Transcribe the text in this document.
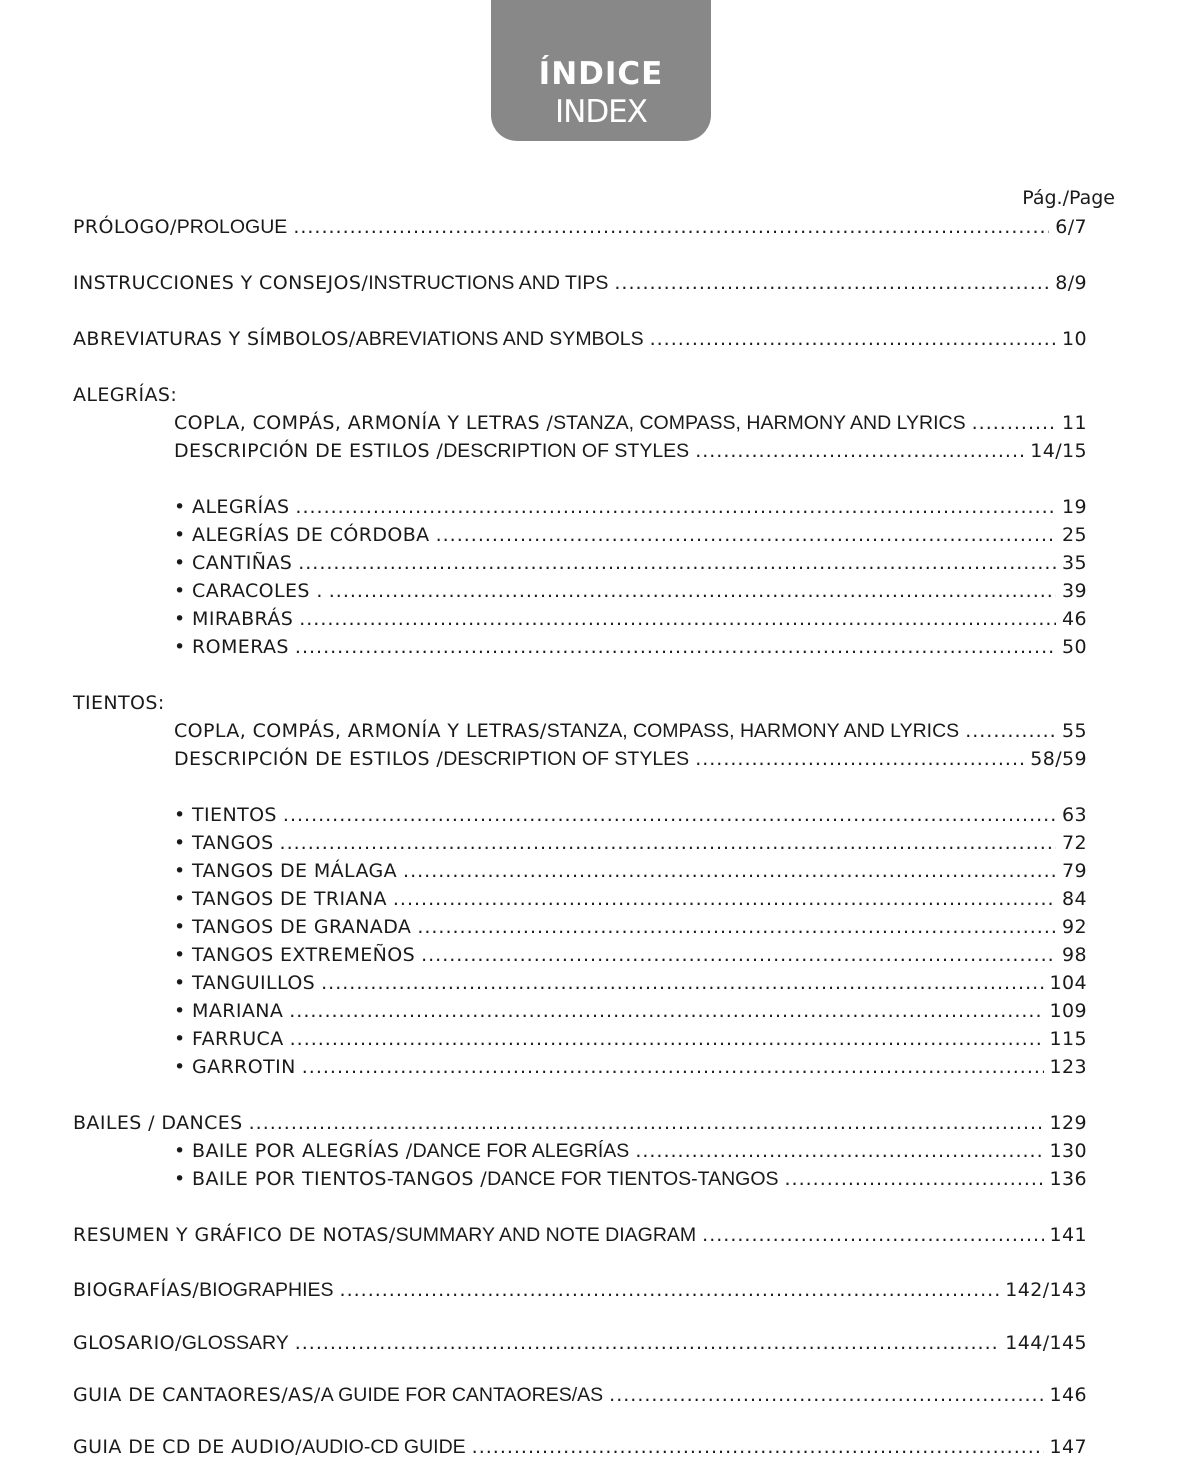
ÍNDICE
INDEX
Pág./Page
PRÓLOGO / PROLOGUE .....	6/7
INSTRUCCIONES Y CONSEJOS / INSTRUCTIONS AND TIPS .....	8/9
ABREVIATURAS Y SÍMBOLOS / ABREVIATIONS AND SYMBOLS .....	10
ALEGRÍAS:
COPLA, COMPÁS, ARMONÍA Y LETRAS / STANZA, COMPASS, HARMONY AND LYRICS .....	11
DESCRIPCIÓN DE ESTILOS / DESCRIPTION OF STYLES .....	14/15
• ALEGRÍAS .....	19
• ALEGRÍAS DE CÓRDOBA .....	25
• CANTIÑAS .....	35
• CARACOLES . .....	39
• MIRABRÁS .....	46
• ROMERAS .....	50
TIENTOS:
COPLA, COMPÁS, ARMONÍA Y LETRAS/ STANZA, COMPASS, HARMONY AND LYRICS .....	55
DESCRIPCIÓN DE ESTILOS / DESCRIPTION OF STYLES .....	58/59
• TIENTOS .....	63
• TANGOS .....	72
• TANGOS DE MÁLAGA .....	79
• TANGOS DE TRIANA .....	84
• TANGOS DE GRANADA .....	92
• TANGOS EXTREMEÑOS .....	98
• TANGUILLOS .....	104
• MARIANA .....	109
• FARRUCA .....	115
• GARROTIN .....	123
BAILES / DANCES .....	129
• BAILE POR ALEGRÍAS / DANCE FOR ALEGRÍAS .....	130
• BAILE POR TIENTOS-TANGOS / DANCE FOR TIENTOS-TANGOS .....	136
RESUMEN Y GRÁFICO DE NOTAS / SUMMARY AND NOTE DIAGRAM .....	141
BIOGRAFÍAS / BIOGRAPHIES .....	142/143
GLOSARIO / GLOSSARY .....	144/145
GUIA DE CANTAORES/AS / A GUIDE FOR CANTAORES/AS .....	146
GUIA DE CD DE AUDIO / AUDIO-CD GUIDE .....	147
